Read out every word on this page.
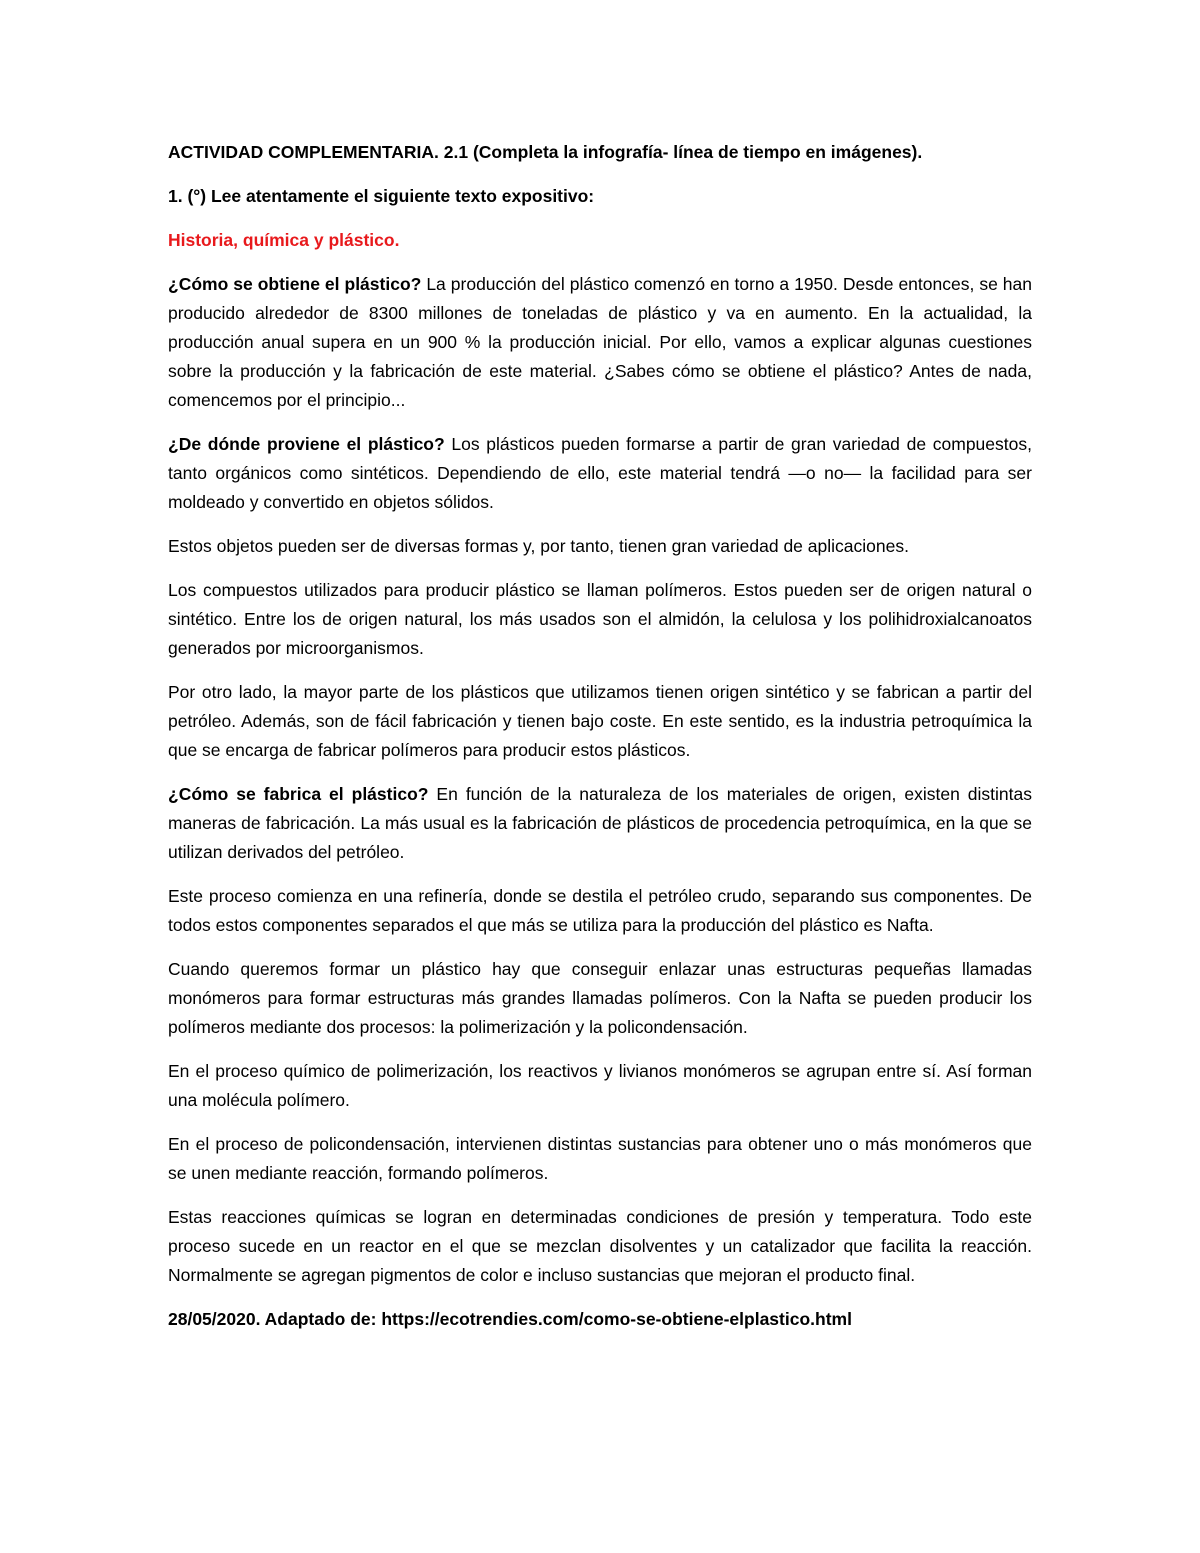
ACTIVIDAD COMPLEMENTARIA. 2.1 (Completa la infografía- línea de tiempo en imágenes).

1. (°) Lee atentamente el siguiente texto expositivo:

Historia, química y plástico.

¿Cómo se obtiene el plástico? La producción del plástico comenzó en torno a 1950. Desde entonces, se han producido alrededor de 8300 millones de toneladas de plástico y va en aumento. En la actualidad, la producción anual supera en un 900 % la producción inicial. Por ello, vamos a explicar algunas cuestiones sobre la producción y la fabricación de este material. ¿Sabes cómo se obtiene el plástico? Antes de nada, comencemos por el principio...

¿De dónde proviene el plástico? Los plásticos pueden formarse a partir de gran variedad de compuestos, tanto orgánicos como sintéticos. Dependiendo de ello, este material tendrá —o no— la facilidad para ser moldeado y convertido en objetos sólidos.

Estos objetos pueden ser de diversas formas y, por tanto, tienen gran variedad de aplicaciones.

Los compuestos utilizados para producir plástico se llaman polímeros. Estos pueden ser de origen natural o sintético. Entre los de origen natural, los más usados son el almidón, la celulosa y los polihidroxialcanoatos generados por microorganismos.

Por otro lado, la mayor parte de los plásticos que utilizamos tienen origen sintético y se fabrican a partir del petróleo. Además, son de fácil fabricación y tienen bajo coste. En este sentido, es la industria petroquímica la que se encarga de fabricar polímeros para producir estos plásticos.

¿Cómo se fabrica el plástico? En función de la naturaleza de los materiales de origen, existen distintas maneras de fabricación. La más usual es la fabricación de plásticos de procedencia petroquímica, en la que se utilizan derivados del petróleo.

Este proceso comienza en una refinería, donde se destila el petróleo crudo, separando sus componentes. De todos estos componentes separados el que más se utiliza para la producción del plástico es Nafta.

Cuando queremos formar un plástico hay que conseguir enlazar unas estructuras pequeñas llamadas monómeros para formar estructuras más grandes llamadas polímeros. Con la Nafta se pueden producir los polímeros mediante dos procesos: la polimerización y la policondensación.

En el proceso químico de polimerización, los reactivos y livianos monómeros se agrupan entre sí. Así forman una molécula polímero.

En el proceso de policondensación, intervienen distintas sustancias para obtener uno o más monómeros que se unen mediante reacción, formando polímeros.

Estas reacciones químicas se logran en determinadas condiciones de presión y temperatura. Todo este proceso sucede en un reactor en el que se mezclan disolventes y un catalizador que facilita la reacción. Normalmente se agregan pigmentos de color e incluso sustancias que mejoran el producto final.

28/05/2020. Adaptado de: https://ecotrendies.com/como-se-obtiene-elplastico.html
